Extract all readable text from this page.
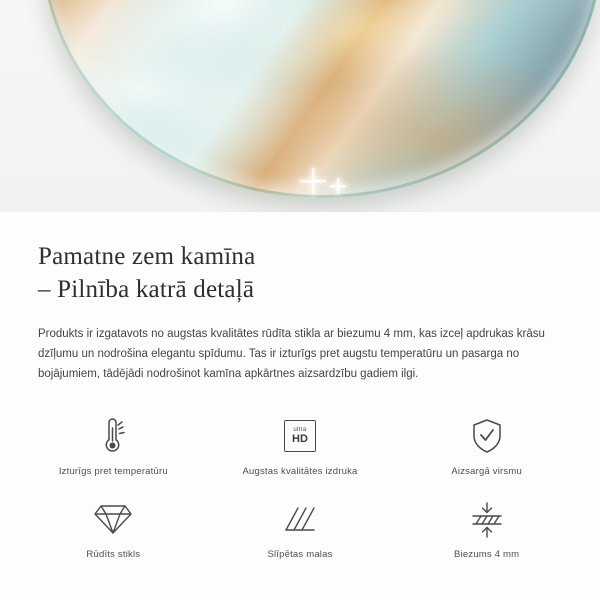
Pamatne zem kamīna
– Pilnība katrā detaļā

Produkts ir izgatavots no augstas kvalitātes rūdīta stikla ar biezumu 4 mm, kas izceļ apdrukas krāsu dzīļumu un nodrošina elegantu spīdumu. Tas ir izturīgs pret augstu temperatūru un pasarga no bojājumiem, tādējādi nodrošinot kamīna apkārtnes aizsardzību gadiem ilgi.

Izturīgs pret temperatūru
ultra
HD
Augstas kvalitātes izdruka	Aizsargā virsmu
Rūdīts stikls	Slīpētas malas	Biezums 4 mm
